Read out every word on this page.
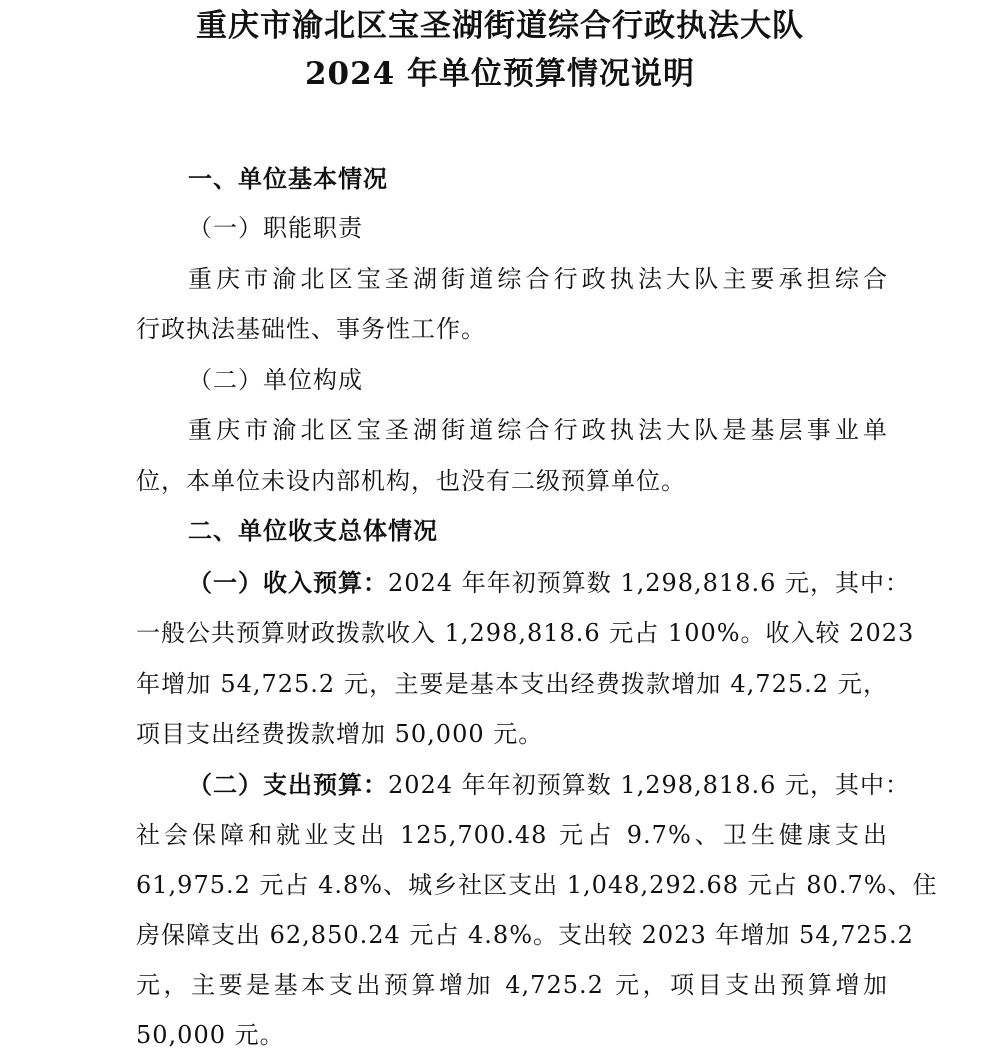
重庆市渝北区宝圣湖街道综合行政执法大队
2024 年单位预算情况说明
一、单位基本情况
（一）职能职责
重庆市渝北区宝圣湖街道综合行政执法大队主要承担综合
行政执法基础性、事务性工作。
（二）单位构成
重庆市渝北区宝圣湖街道综合行政执法大队是基层事业单
位，本单位未设内部机构，也没有二级预算单位。
二、单位收支总体情况
（一）收入预算：2024 年年初预算数 1,298,818.6 元，其中：
一般公共预算财政拨款收入 1,298,818.6 元占 100%。收入较 2023
年增加 54,725.2 元，主要是基本支出经费拨款增加 4,725.2 元，
项目支出经费拨款增加 50,000 元。
（二）支出预算：2024 年年初预算数 1,298,818.6 元，其中：
社会保障和就业支出 125,700.48 元占 9.7%、卫生健康支出
61,975.2 元占 4.8%、城乡社区支出 1,048,292.68 元占 80.7%、住
房保障支出 62,850.24 元占 4.8%。支出较 2023 年增加 54,725.2
元，主要是基本支出预算增加 4,725.2 元，项目支出预算增加
50,000 元。
